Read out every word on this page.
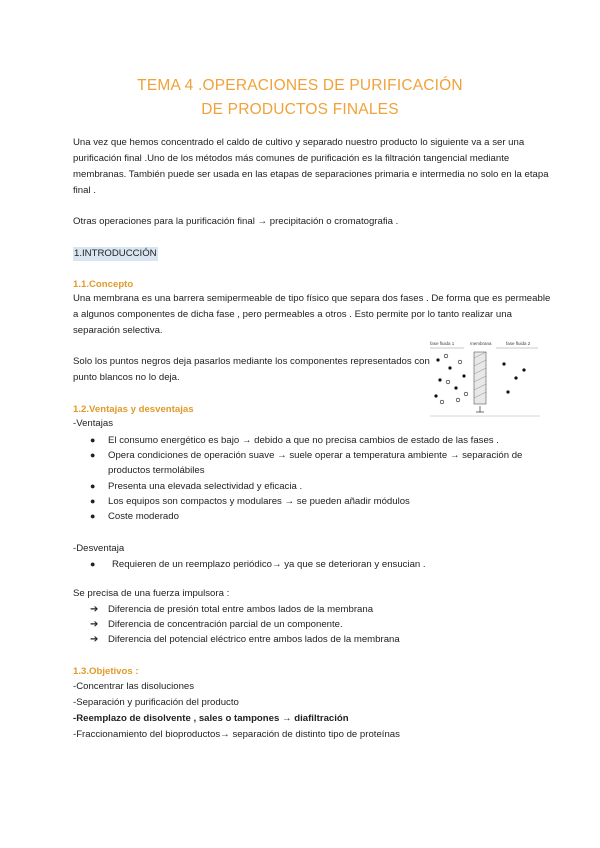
TEMA 4 .OPERACIONES DE PURIFICACIÓN
DE PRODUCTOS FINALES

Una vez que hemos concentrado el caldo de cultivo y separado nuestro producto lo siguiente va a ser una

purificación final .Uno de los métodos más comunes de purificación es la filtración tangencial mediante

membranas. También puede ser usada en las etapas de separaciones primaria e intermedia no solo en la etapa

final .

Otras operaciones para la purificación final → precipitación o cromatografia .

1.INTRODUCCIÓN
1.1.Concepto

Una membrana es una barrera semipermeable de tipo físico que separa dos fases . De forma que es permeable

a algunos componentes de dicha fase , pero permeables a otros . Esto permite por lo tanto realizar una

separación selectiva.

Solo los puntos negros deja pasarlos mediante los componentes representados con

punto blancos no lo deja.

fase fluida 1	membrana	fase fluida 2
1.2.Ventajas y desventajas

-Ventajas

● El consumo energético es bajo → debido a que no precisa cambios de estado de las fases .
● Opera condiciones de operación suave → suele operar a temperatura ambiente → separación de
productos termolábiles
● Presenta una elevada selectividad y eficacia .
● Los equipos son compactos y modulares → se pueden añadir módulos
● Coste moderado

-Desventaja

● Requieren de un reemplazo periódico→ ya que se deterioran y ensucian .

Se precisa de una fuerza impulsora :

➔ Diferencia de presión total entre ambos lados de la membrana
➔ Diferencia de concentración parcial de un componente.
➔ Diferencia del potencial eléctrico entre ambos lados de la membrana
1.3.Objetivos :

-Concentrar las disoluciones

-Separación y purificación del producto

-Reemplazo de disolvente , sales o tampones → diafiltración

-Fraccionamiento del bioproductos→ separación de distinto tipo de proteínas
